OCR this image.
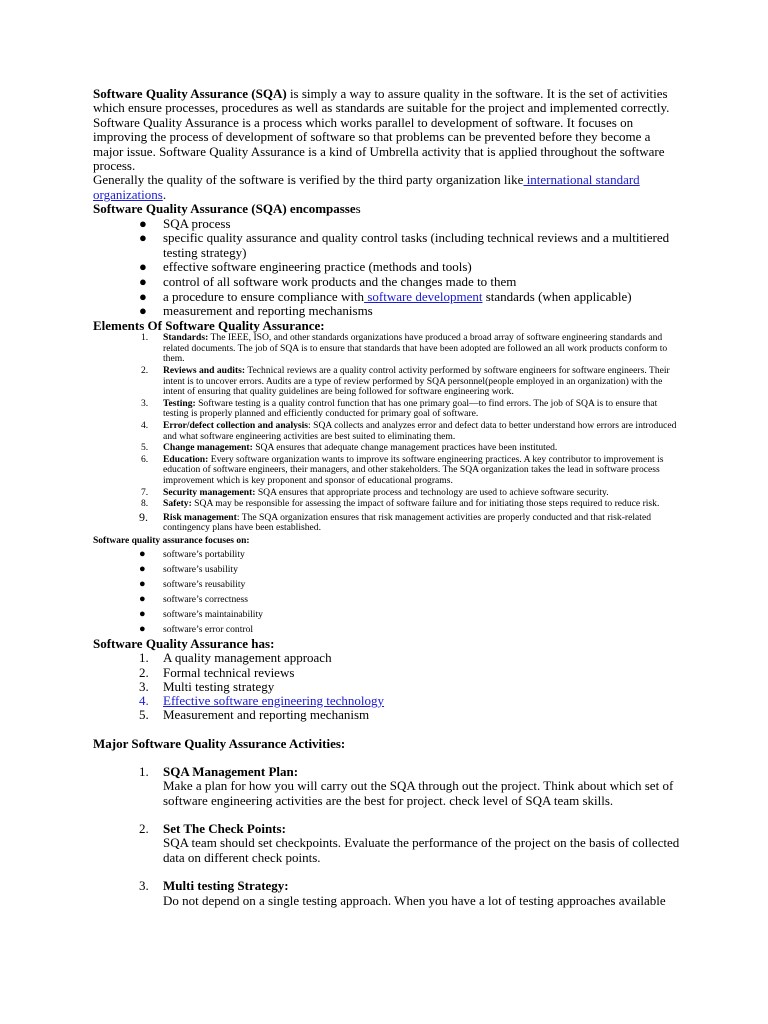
Software Quality Assurance (SQA) is simply a way to assure quality in the software. It is the set of activities which ensure processes, procedures as well as standards are suitable for the project and implemented correctly.

Software Quality Assurance is a process which works parallel to development of software. It focuses on improving the process of development of software so that problems can be prevented before they become a major issue. Software Quality Assurance is a kind of Umbrella activity that is applied throughout the software process.

Generally the quality of the software is verified by the third party organization like international standard organizations.

Software Quality Assurance (SQA) encompasses

● SQA process
● specific quality assurance and quality control tasks (including technical reviews and a multitiered testing strategy)
● effective software engineering practice (methods and tools)
● control of all software work products and the changes made to them
● a procedure to ensure compliance with software development standards (when applicable)
● measurement and reporting mechanisms

Elements Of Software Quality Assurance:

1. Standards: The IEEE, ISO, and other standards organizations have produced a broad array of software engineering standards and related documents. The job of SQA is to ensure that standards that have been adopted are followed an all work products conform to them.
2. Reviews and audits: Technical reviews are a quality control activity performed by software engineers for software engineers. Their intent is to uncover errors. Audits are a type of review performed by SQA personnel(people employed in an organization) with the intent of ensuring that quality guidelines are being followed for software engineering work.
3. Testing: Software testing is a quality control function that has one primary goal—to find errors. The job of SQA is to ensure that testing is properly planned and efficiently conducted for primary goal of software.
4. Error/defect collection and analysis: SQA collects and analyzes error and defect data to better understand how errors are introduced and what software engineering activities are best suited to eliminating them.
5. Change management: SQA ensures that adequate change management practices have been instituted.
6. Education: Every software organization wants to improve its software engineering practices. A key contributor to improvement is education of software engineers, their managers, and other stakeholders. The SQA organization takes the lead in software process improvement which is key proponent and sponsor of educational programs.
7. Security management: SQA ensures that appropriate process and technology are used to achieve software security.
8. Safety: SQA may be responsible for assessing the impact of software failure and for initiating those steps required to reduce risk.
9. Risk management: The SQA organization ensures that risk management activities are properly conducted and that risk-related contingency plans have been established.

Software quality assurance focuses on:

● software’s portability
● software’s usability
● software’s reusability
● software’s correctness
● software’s maintainability
● software’s error control

Software Quality Assurance has:

1. A quality management approach
2. Formal technical reviews
3. Multi testing strategy
4. Effective software engineering technology
5. Measurement and reporting mechanism

Major Software Quality Assurance Activities:

1. SQA Management Plan:
Make a plan for how you will carry out the SQA through out the project. Think about which set of software engineering activities are the best for project. check level of SQA team skills.
2. Set The Check Points:
SQA team should set checkpoints. Evaluate the performance of the project on the basis of collected data on different check points.
3. Multi testing Strategy:
Do not depend on a single testing approach. When you have a lot of testing approaches available
